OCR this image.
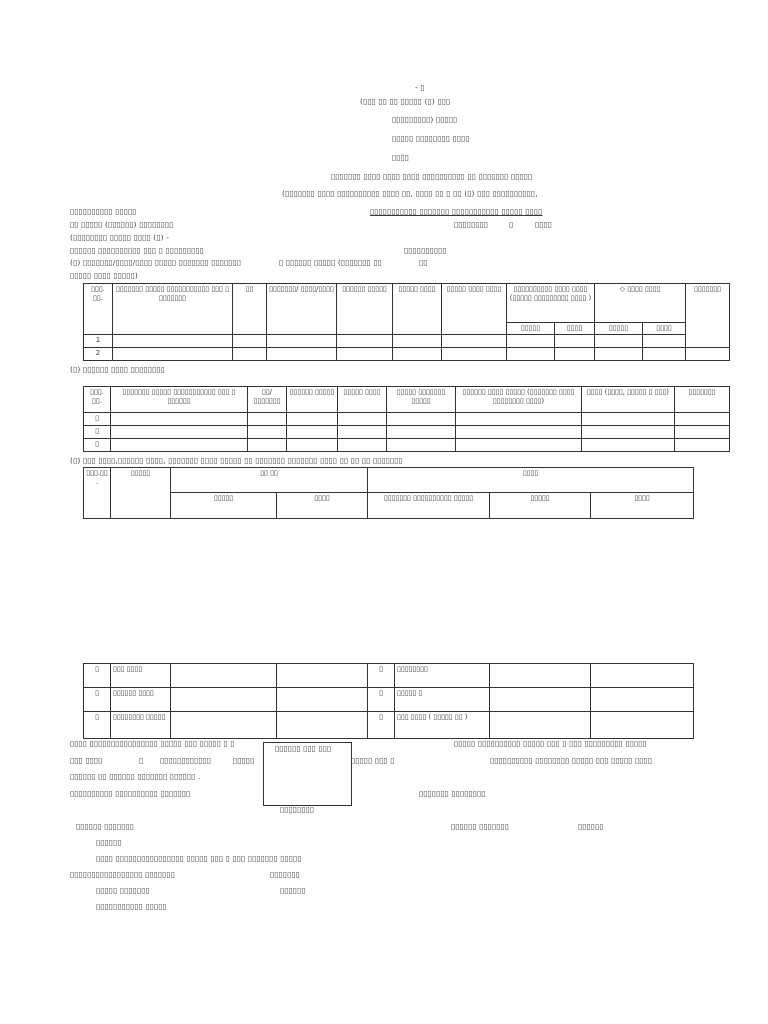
- ▯
(▯▯▯ ▯▯ ▯▯ ▯▯▯▯▯ (▯) ▯▯▯
▯▯▯▯▯▯▯▯▯) ▯▯▯▯▯
▯▯▯▯▯ ▯▯▯▯▯▯▯▯ ▯▯▯▯
▯▯▯▯
▯▯▯▯▯▯▯ ▯▯▯▯ ▯▯▯▯ ▯▯▯▯ ▯▯▯▯▯▯▯▯▯▯ ▯▯ ▯▯▯▯▯▯▯ ▯▯▯▯▯
(▯▯▯▯▯▯▯ ▯▯▯▯ ▯▯▯▯▯▯▯▯▯▯ ▯▯▯▯ ▯▯, ▯▯▯▯ ▯▯ ▯ ▯▯ (▯) ▯▯▯ ▯▯▯▯▯▯▯▯▯▯,
▯▯▯▯▯▯▯▯▯▯ ▯▯▯▯▯	▯▯▯▯▯▯▯▯▯▯▯ ▯▯▯▯▯▯▯ ▯▯▯▯▯▯▯▯▯▯▯ ▯▯▯▯▯ ▯▯▯▯
▯▯ ▯▯▯▯▯ (▯▯▯▯▯▯) ▯▯▯▯▯▯▯▯	▯▯▯▯▯▯▯▯	▯	▯▯▯▯
(▯▯▯▯▯▯▯▯ ▯▯▯▯▯ ▯▯▯▯ (▯) -
▯▯▯▯▯▯ ▯▯▯▯▯▯▯▯▯▯ ▯▯▯ ▯ ▯▯▯▯▯▯▯▯▯	▯▯▯▯▯▯▯▯▯▯
(▯) ▯▯▯▯▯▯▯/▯▯▯▯/▯▯▯▯ ▯▯▯▯▯ ▯▯▯▯▯▯▯ ▯▯▯▯▯▯▯	▯ ▯▯▯▯▯▯ ▯▯▯▯▯ (▯▯▯▯▯▯▯ ▯▯	▯▯
▯▯▯▯▯ ▯▯▯▯ ▯▯▯▯▯)
▯▯▯. ▯▯.	▯▯▯▯▯▯▯ ▯▯▯▯▯ ▯▯▯▯▯▯▯▯▯▯▯ ▯▯▯ ▯ ▯▯▯▯▯▯▯	▯▯	▯▯▯▯▯▯▯/ ▯▯▯▯/▯▯▯▯	▯▯▯▯▯▯ ▯▯▯▯▯	▯▯▯▯▯ ▯▯▯▯	▯▯▯▯▯ ▯▯▯▯ ▯▯▯▯	▯▯▯▯▯▯▯▯▯▯ ▯▯▯▯ ▯▯▯▯ (▯▯▯▯▯ ▯▯▯▯▯▯▯▯▯ ▯▯▯▯ )		◇ ▯▯▯▯ ▯▯▯▯		▯▯▯▯▯▯▯
							▯▯▯▯▯	▯▯▯▯	▯▯▯▯▯	▯▯▯▯	
1											
2											
(▯) ▯▯▯▯▯▯ ▯▯▯▯ ▯▯▯▯▯▯▯▯
▯▯▯. ▯▯.	▯▯▯▯▯▯▯ ▯▯▯▯▯ ▯▯▯▯▯▯▯▯▯▯▯ ▯▯▯ ▯ ▯▯▯▯▯▯	▯▯/ ▯▯▯▯▯▯▯	▯▯▯▯▯▯ ▯▯▯▯▯	▯▯▯▯▯ ▯▯▯▯	▯▯▯▯▯ ▯▯▯▯▯▯▯ ▯▯▯▯▯	▯▯▯▯▯▯ ▯▯▯▯ ▯▯▯▯▯ (▯▯▯▯▯▯▯ ▯▯▯▯ ▯▯▯▯▯▯▯▯ ▯▯▯▯)	▯▯▯▯ (▯▯▯▯, ▯▯▯▯▯ ▯ ▯▯▯)	▯▯▯▯▯▯▯
▯								
▯								
▯								
(▯) ▯▯▯ ▯▯▯▯,▯▯▯▯▯▯ ▯▯▯▯, ▯▯▯▯▯▯▯ ▯▯▯▯ ▯▯▯▯▯ ▯▯ ▯▯▯▯▯▯▯ ▯▯▯▯▯▯▯ ▯▯▯▯ ▯▯ ▯▯ ▯▯ ▯▯▯▯▯▯▯
▯▯▯.▯▯ .	▯▯▯▯▯	▯▯ ▯▯		▯▯▯▯		
		▯▯▯▯▯	▯▯▯▯	▯▯▯▯▯▯▯ ▯▯▯▯▯▯▯▯▯▯ ▯▯▯▯▯	▯▯▯▯▯	▯▯▯▯
▯	▯▯▯ ▯▯▯▯			▯	▯▯▯▯▯▯▯▯		
▯	▯▯▯▯▯▯ ▯▯▯▯			▯	▯▯▯▯▯ ▯		
▯	▯▯▯▯▯▯▯▯ ▯▯▯▯▯			▯	▯▯▯ ▯▯▯▯ ( ▯▯▯▯▯ ▯▯ )		
▯▯▯▯ ▯▯▯▯▯▯▯▯▯▯▯▯▯▯▯▯ ▯▯▯▯▯ ▯▯▯ ▯▯▯▯▯ ▯ ▯	▯▯▯▯▯ ▯▯▯▯▯▯▯▯▯▯ ▯▯▯▯▯ ▯▯▯ ▯ ▯▯▯ ▯▯▯▯▯▯▯▯▯ ▯▯▯▯▯
▯▯▯ ▯▯▯▯	▯ ▯▯▯▯▯▯▯▯▯▯▯▯	▯▯▯▯▯	▯▯▯▯▯ ▯▯▯ ▯	▯▯▯▯▯▯▯▯▯▯ ▯▯▯▯▯▯▯▯ ▯▯▯▯▯ ▯▯▯ ▯▯▯▯▯ ▯▯▯▯
▯▯▯▯▯▯ ▯▯ ▯▯▯▯▯▯ ▯▯▯▯▯▯▯ ▯▯▯▯▯▯ .
▯▯▯▯▯▯▯▯▯▯ ▯▯▯▯▯▯▯▯▯▯ ▯▯▯▯▯▯▯	▯▯▯▯▯▯▯ ▯▯▯▯▯▯▯▯
▯▯▯▯▯▯ ▯▯▯ ▯▯▯
▯▯▯▯▯▯▯▯
▯▯▯▯▯▯ ▯▯▯▯▯▯▯	▯▯▯▯▯▯ ▯▯▯▯▯▯▯	▯▯▯▯▯▯
▯▯▯▯▯▯
▯▯▯▯ ▯▯▯▯▯▯▯▯▯▯▯▯▯▯▯▯ ▯▯▯▯▯ ▯▯▯ ▯ ▯▯▯ ▯▯▯▯▯▯▯ ▯▯▯▯▯
▯▯▯▯▯▯▯▯▯▯▯▯▯▯▯▯▯ ▯▯▯▯▯▯▯	▯▯▯▯▯▯▯
▯▯▯▯▯ ▯▯▯▯▯▯▯	▯▯▯▯▯▯
▯▯▯▯▯▯▯▯▯▯▯ ▯▯▯▯▯
